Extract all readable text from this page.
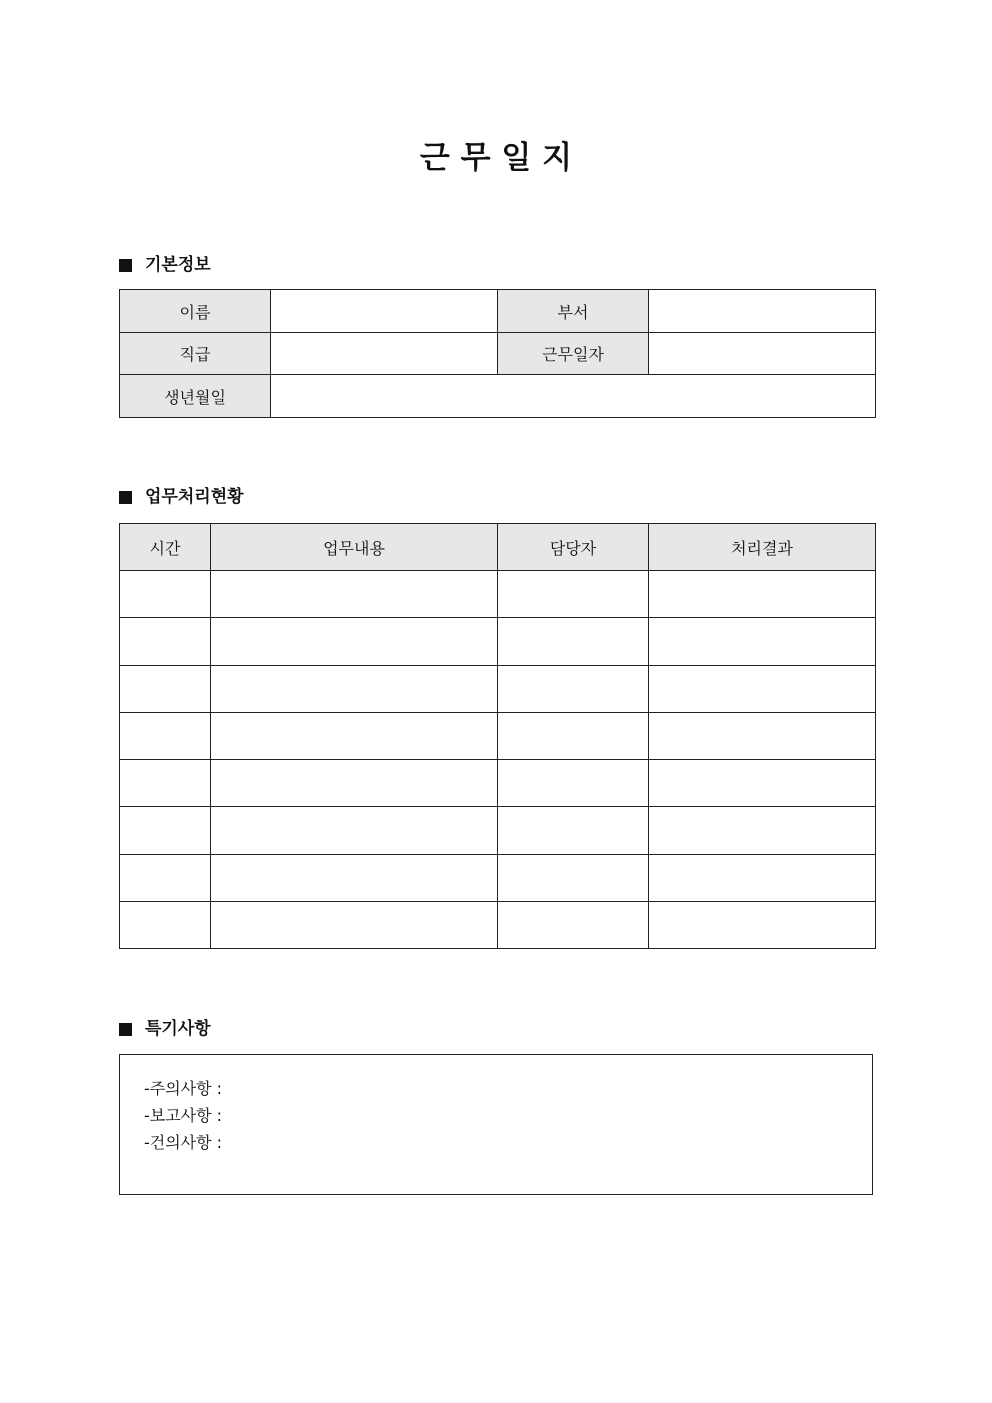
근 무 일 지
기본정보
이름		부서	
직급		근무일자	
생년월일			
업무처리현황
시간	업무내용	담당자	처리결과

특기사항
-주의사항 :
-보고사항 :
-건의사항 :
